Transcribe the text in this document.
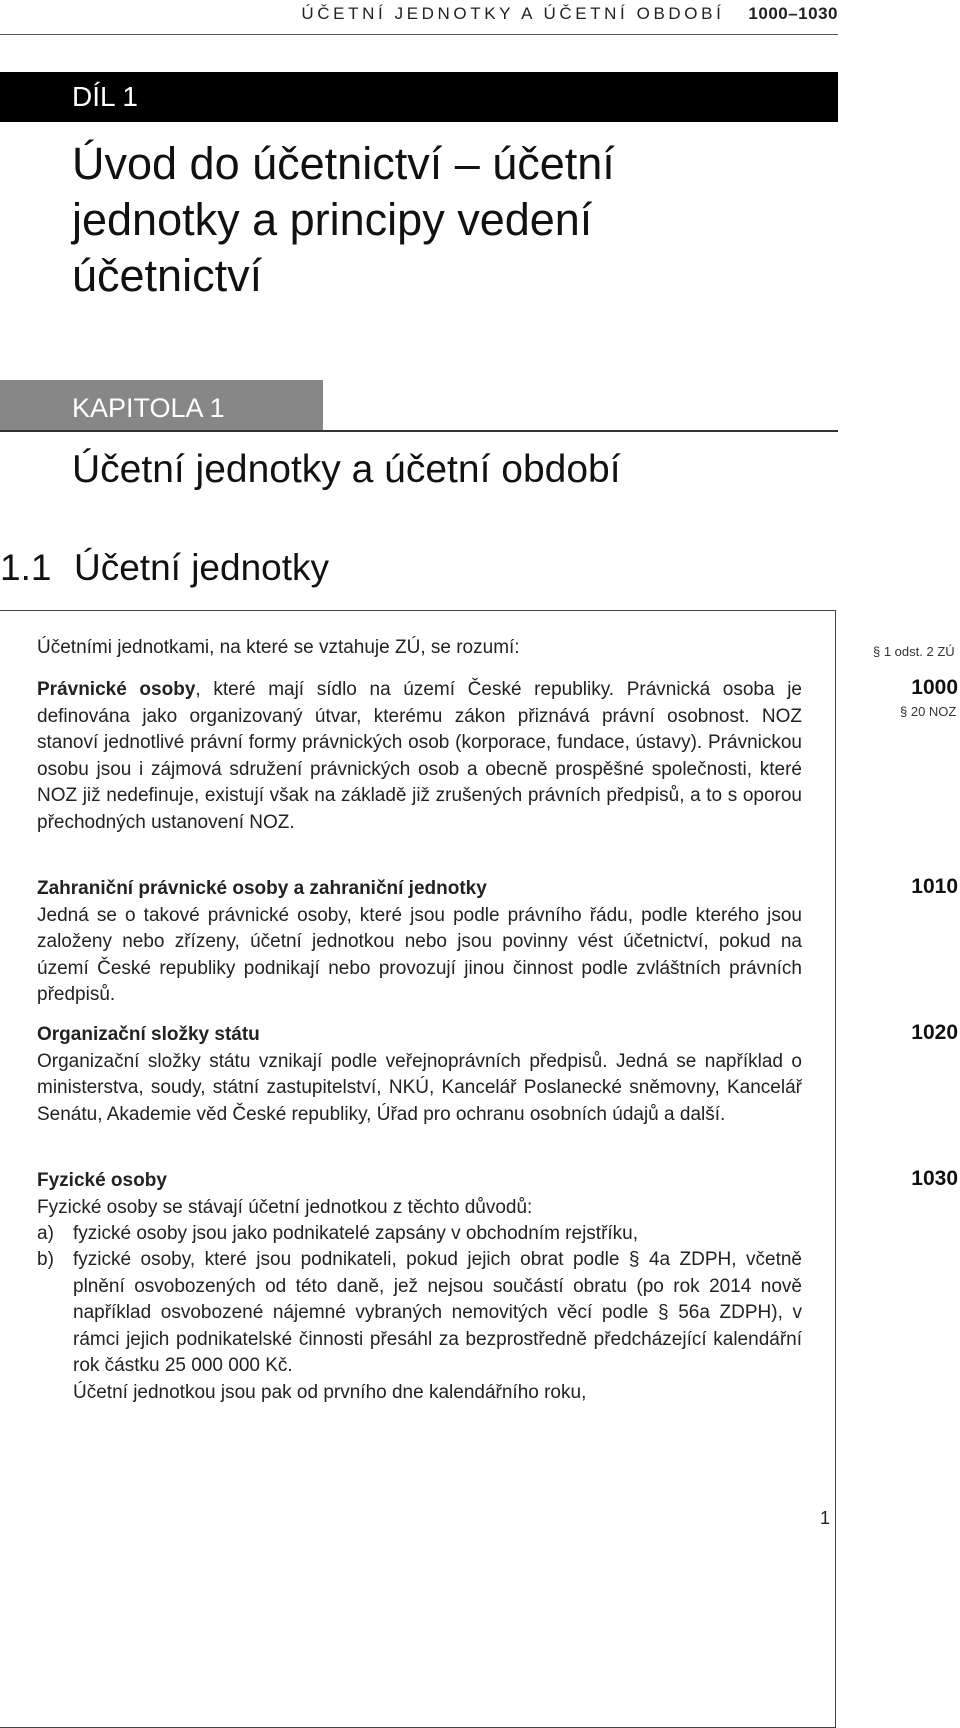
ÚČETNÍ JEDNOTKY A ÚČETNÍ OBDOBÍ 1000–1030
DÍL 1
Úvod do účetnictví – účetní jednotky a principy vedení účetnictví
KAPITOLA 1
Účetní jednotky a účetní období
1.1 Účetní jednotky
Účetními jednotkami, na které se vztahuje ZÚ, se rozumí:
Právnické osoby, které mají sídlo na území České republiky. Právnická osoba je definována jako organizovaný útvar, kterému zákon přiznává právní osobnost. NOZ stanoví jednotlivé právní formy právnických osob (korporace, fundace, ústavy). Právnickou osobu jsou i zájmová sdružení právnických osob a obecně prospěšné společnosti, které NOZ již nedefinuje, existují však na základě již zrušených právních předpisů, a to s oporou přechodných ustanovení NOZ.
Zahraniční právnické osoby a zahraniční jednotky
Jedná se o takové právnické osoby, které jsou podle právního řádu, podle kterého jsou založeny nebo zřízeny, účetní jednotkou nebo jsou povinny vést účetnictví, pokud na území České republiky podnikají nebo provozují jinou činnost podle zvláštních právních předpisů.
Organizační složky státu
Organizační složky státu vznikají podle veřejnoprávních předpisů. Jedná se například o ministerstva, soudy, státní zastupitelství, NKÚ, Kancelář Poslanecké sněmovny, Kancelář Senátu, Akademie věd České republiky, Úřad pro ochranu osobních údajů a další.
Fyzické osoby
Fyzické osoby se stávají účetní jednotkou z těchto důvodů:
a) fyzické osoby jsou jako podnikatelé zapsány v obchodním rejstříku,
b) fyzické osoby, které jsou podnikateli, pokud jejich obrat podle § 4a ZDPH, včetně plnění osvobozených od této daně, jež nejsou součástí obratu (po rok 2014 nově například osvobozené nájemné vybraných nemovitých věcí podle § 56a ZDPH), v rámci jejich podnikatelské činnosti přesáhl za bezprostředně předcházející kalendářní rok částku 25 000 000 Kč.
Účetní jednotkou jsou pak od prvního dne kalendářního roku,
§ 1 odst. 2 ZÚ
1000
§ 20 NOZ
1010
1020
1030
1
